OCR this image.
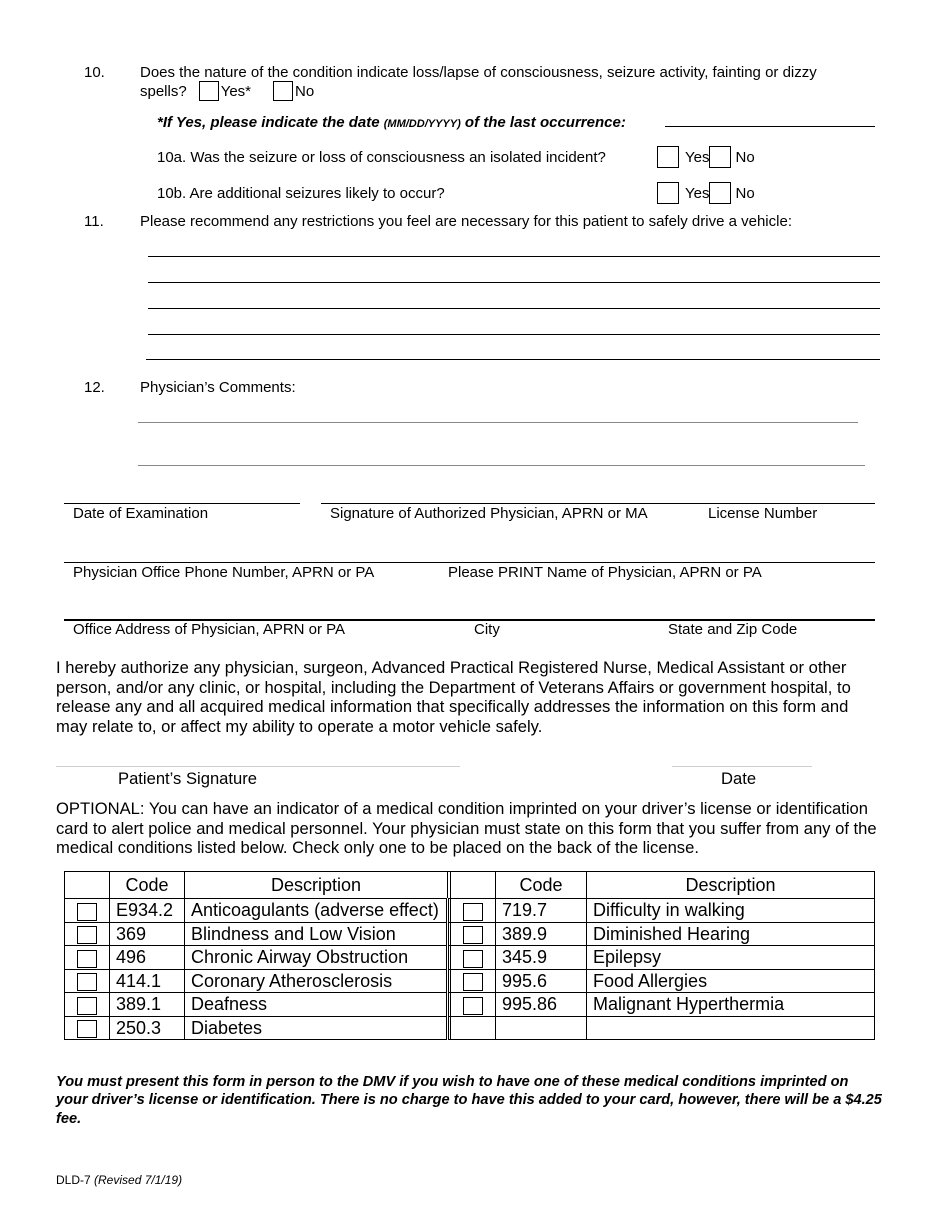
10. Does the nature of the condition indicate loss/lapse of consciousness, seizure activity, fainting or dizzy
spells? Yes*	No
*If Yes, please indicate the date (MM/DD/YYYY) of the last occurrence:
10a. Was the seizure or loss of consciousness an isolated incident?	Yes No
10b. Are additional seizures likely to occur?	Yes No
11. Please recommend any restrictions you feel are necessary for this patient to safely drive a vehicle:
12. Physician’s Comments:
Date of Examination	Signature of Authorized Physician, APRN or MA	License Number
Physician Office Phone Number, APRN or PA	Please PRINT Name of Physician, APRN or PA
Office Address of Physician, APRN or PA	City	State and Zip Code
I hereby authorize any physician, surgeon, Advanced Practical Registered Nurse, Medical Assistant or other person, and/or any clinic, or hospital, including the Department of Veterans Affairs or government hospital, to release any and all acquired medical information that specifically addresses the information on this form and may relate to, or affect my ability to operate a motor vehicle safely.
Patient’s Signature	Date
OPTIONAL: You can have an indicator of a medical condition imprinted on your driver’s license or identification card to alert police and medical personnel. Your physician must state on this form that you suffer from any of the medical conditions listed below. Check only one to be placed on the back of the license.
	Code	Description			Code	Description
	E934.2	Anticoagulants (adverse effect)			719.7	Difficulty in walking
	369	Blindness and Low Vision			389.9	Diminished Hearing
	496	Chronic Airway Obstruction			345.9	Epilepsy
	414.1	Coronary Atherosclerosis			995.6	Food Allergies
	389.1	Deafness			995.86	Malignant Hyperthermia
	250.3	Diabetes				
You must present this form in person to the DMV if you wish to have one of these medical conditions imprinted on your driver’s license or identification. There is no charge to have this added to your card, however, there will be a $4.25 fee.
DLD-7 (Revised 7/1/19)
